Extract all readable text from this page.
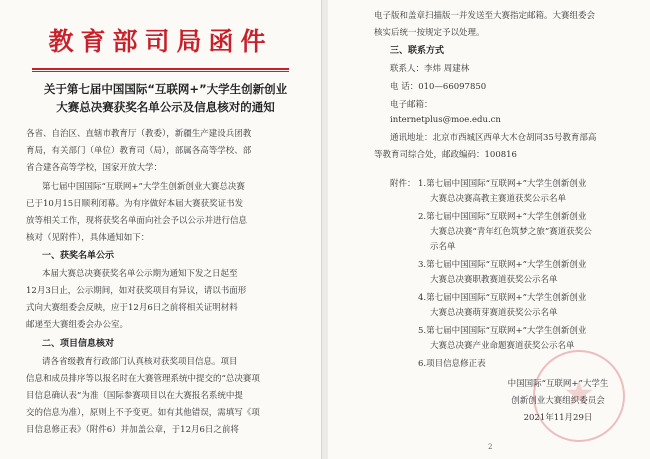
教育部司局函件
关于第七届中国国际“互联网+”大学生创新创业
大赛总决赛获奖名单公示及信息核对的通知
各省、自治区、直辖市教育厅（教委），新疆生产建设兵团教
育局，有关部门（单位）教育司（局），部属各高等学校、部
省合建各高等学校，国家开放大学：
第七届中国国际“互联网+”大学生创新创业大赛总决赛
已于10月15日顺利闭幕。为有序做好本届大赛获奖证书发
放等相关工作，现将获奖名单面向社会予以公示并进行信息
核对（见附件），具体通知如下：
一、获奖名单公示
本届大赛总决赛获奖名单公示期为通知下发之日起至
12月3日止，公示期间，如对获奖项目有异议，请以书面形
式向大赛组委会反映，应于12月6日之前将相关证明材料
邮递至大赛组委会办公室。
二、项目信息核对
请各省级教育行政部门认真核对获奖项目信息。项目
信息和成员排序等以报名时在大赛管理系统中提交的“总决赛项
目信息确认表”为准（国际参赛项目以在大赛报名系统中提
交的信息为准），原则上不予变更。如有其他错误，需填写《项
目信息修正表》（附件6）并加盖公章，于12月6日之前将
电子版和盖章扫描版一并发送至大赛指定邮箱。大赛组委会
核实后统一按规定予以处理。
三、联系方式
联系人：李炜 周建林
电 话：010—66097850
电子邮箱：
internetplus@moe.edu.cn
通讯地址：北京市西城区西单大木仓胡同35号教育部高
等教育司综合处，邮政编码：100816
附件： 1.第七届中国国际“互联网+”大学生创新创业
大赛总决赛高教主赛道获奖公示名单
2.第七届中国国际“互联网+”大学生创新创业
大赛总决赛“青年红色筑梦之旅”赛道获奖公
示名单
3.第七届中国国际“互联网+”大学生创新创业
大赛总决赛职教赛道获奖公示名单
4.第七届中国国际“互联网+”大学生创新创业
大赛总决赛萌芽赛道获奖公示名单
5.第七届中国国际“互联网+”大学生创新创业
大赛总决赛产业命题赛道获奖公示名单
6.项目信息修正表
中国国际“互联网+”大学生
创新创业大赛组织委员会
2021年11月29日
2
